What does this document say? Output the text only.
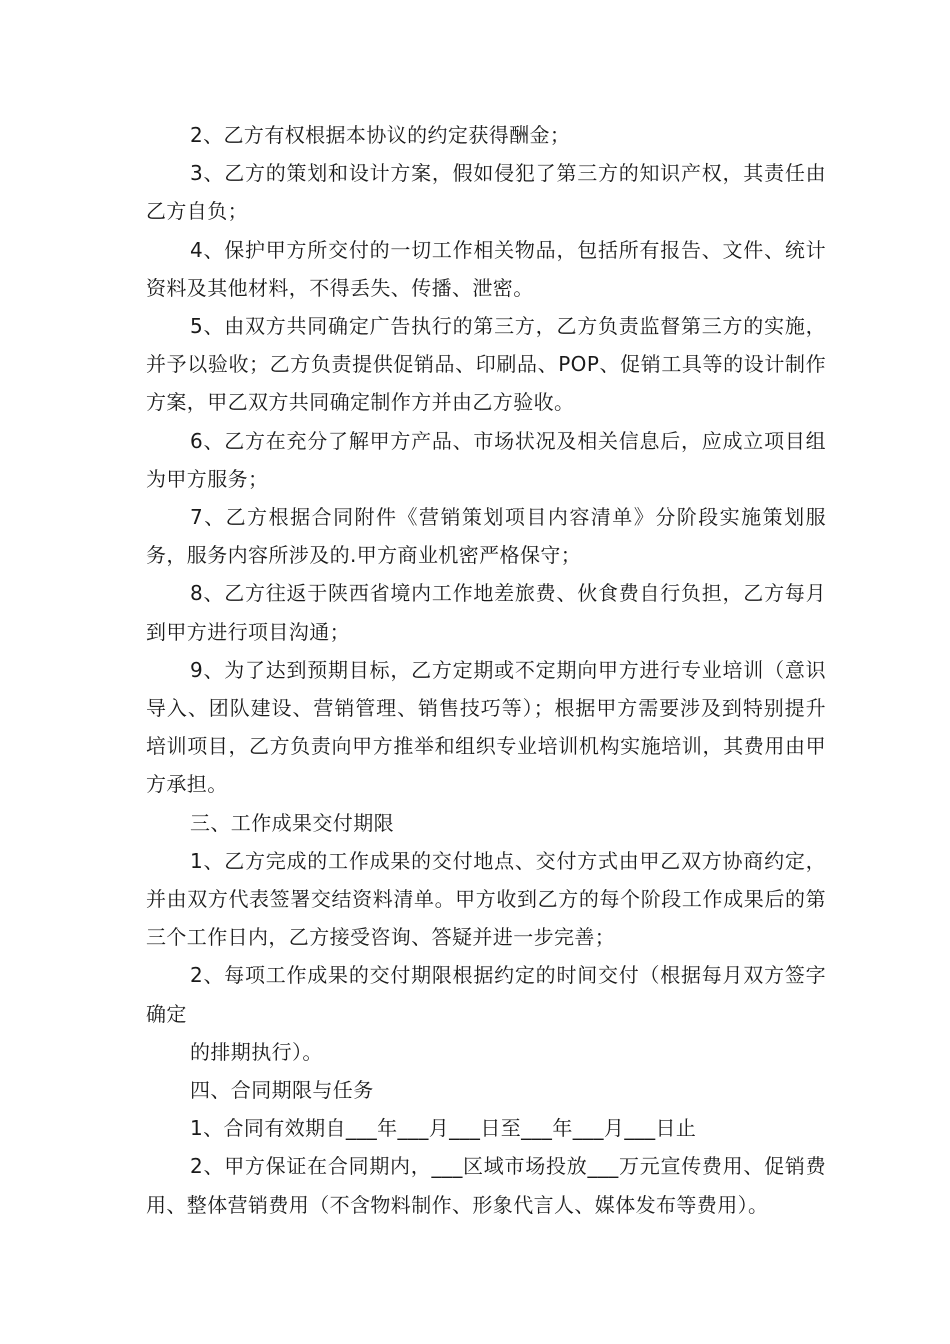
2、乙方有权根据本协议的约定获得酬金；

3、乙方的策划和设计方案，假如侵犯了第三方的知识产权，其责任由乙方自负；

4、保护甲方所交付的一切工作相关物品，包括所有报告、文件、统计资料及其他材料，不得丢失、传播、泄密。

5、由双方共同确定广告执行的第三方，乙方负责监督第三方的实施，并予以验收；乙方负责提供促销品、印刷品、POP、促销工具等的设计制作方案，甲乙双方共同确定制作方并由乙方验收。

6、乙方在充分了解甲方产品、市场状况及相关信息后，应成立项目组为甲方服务；

7、乙方根据合同附件《营销策划项目内容清单》分阶段实施策划服务，服务内容所涉及的.甲方商业机密严格保守；

8、乙方往返于陕西省境内工作地差旅费、伙食费自行负担，乙方每月到甲方进行项目沟通；

9、为了达到预期目标，乙方定期或不定期向甲方进行专业培训（意识导入、团队建设、营销管理、销售技巧等）；根据甲方需要涉及到特别提升培训项目，乙方负责向甲方推举和组织专业培训机构实施培训，其费用由甲方承担。

三、工作成果交付期限

1、乙方完成的工作成果的交付地点、交付方式由甲乙双方协商约定，并由双方代表签署交结资料清单。甲方收到乙方的每个阶段工作成果后的第三个工作日内，乙方接受咨询、答疑并进一步完善；

2、每项工作成果的交付期限根据约定的时间交付（根据每月双方签字确定

的排期执行）。

四、合同期限与任务

1、合同有效期自___年___月___日至___年___月___日止

2、甲方保证在合同期内，___区域市场投放___万元宣传费用、促销费用、整体营销费用（不含物料制作、形象代言人、媒体发布等费用）。
